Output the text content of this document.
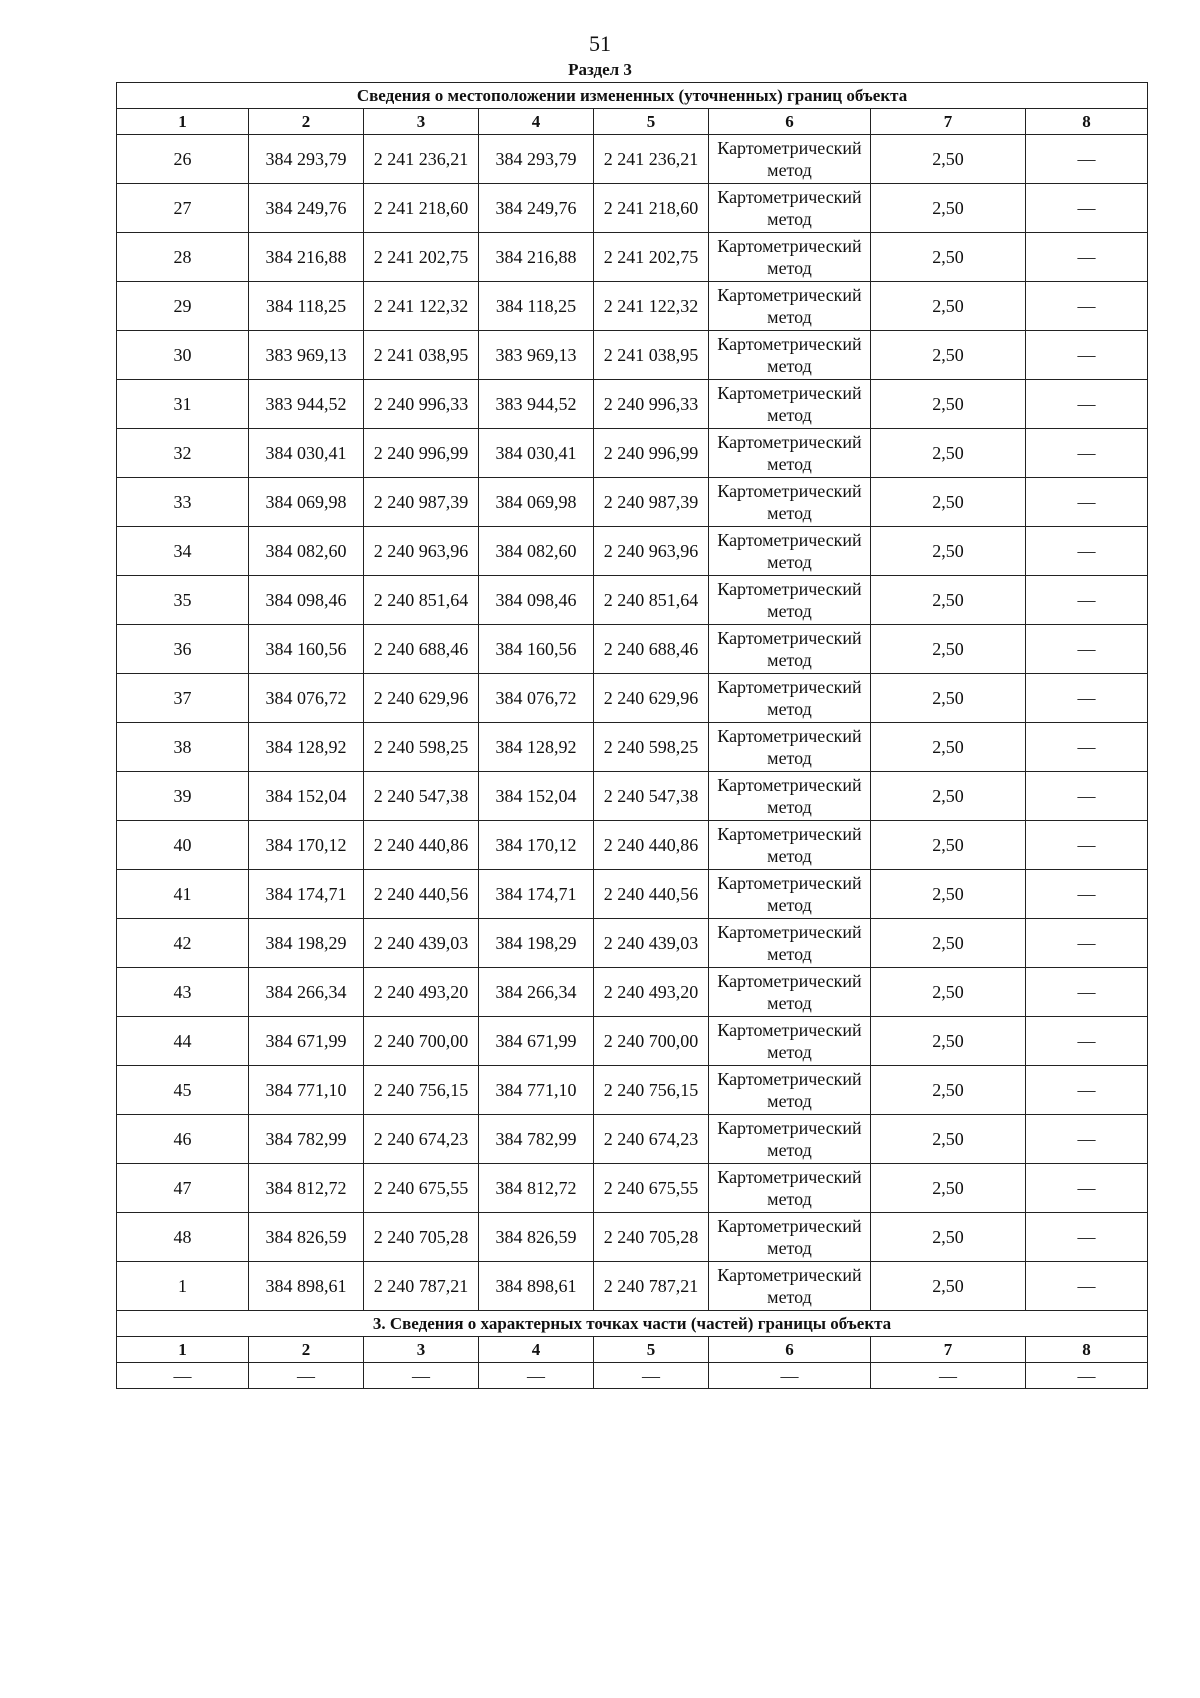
51
Раздел 3
Сведения о местоположении измененных (уточненных) границ объекта							
1	2	3	4	5	6	7	8
26	384 293,79	2 241 236,21	384 293,79	2 241 236,21	Картометрический метод	2,50	—
27	384 249,76	2 241 218,60	384 249,76	2 241 218,60	Картометрический метод	2,50	—
28	384 216,88	2 241 202,75	384 216,88	2 241 202,75	Картометрический метод	2,50	—
29	384 118,25	2 241 122,32	384 118,25	2 241 122,32	Картометрический метод	2,50	—
30	383 969,13	2 241 038,95	383 969,13	2 241 038,95	Картометрический метод	2,50	—
31	383 944,52	2 240 996,33	383 944,52	2 240 996,33	Картометрический метод	2,50	—
32	384 030,41	2 240 996,99	384 030,41	2 240 996,99	Картометрический метод	2,50	—
33	384 069,98	2 240 987,39	384 069,98	2 240 987,39	Картометрический метод	2,50	—
34	384 082,60	2 240 963,96	384 082,60	2 240 963,96	Картометрический метод	2,50	—
35	384 098,46	2 240 851,64	384 098,46	2 240 851,64	Картометрический метод	2,50	—
36	384 160,56	2 240 688,46	384 160,56	2 240 688,46	Картометрический метод	2,50	—
37	384 076,72	2 240 629,96	384 076,72	2 240 629,96	Картометрический метод	2,50	—
38	384 128,92	2 240 598,25	384 128,92	2 240 598,25	Картометрический метод	2,50	—
39	384 152,04	2 240 547,38	384 152,04	2 240 547,38	Картометрический метод	2,50	—
40	384 170,12	2 240 440,86	384 170,12	2 240 440,86	Картометрический метод	2,50	—
41	384 174,71	2 240 440,56	384 174,71	2 240 440,56	Картометрический метод	2,50	—
42	384 198,29	2 240 439,03	384 198,29	2 240 439,03	Картометрический метод	2,50	—
43	384 266,34	2 240 493,20	384 266,34	2 240 493,20	Картометрический метод	2,50	—
44	384 671,99	2 240 700,00	384 671,99	2 240 700,00	Картометрический метод	2,50	—
45	384 771,10	2 240 756,15	384 771,10	2 240 756,15	Картометрический метод	2,50	—
46	384 782,99	2 240 674,23	384 782,99	2 240 674,23	Картометрический метод	2,50	—
47	384 812,72	2 240 675,55	384 812,72	2 240 675,55	Картометрический метод	2,50	—
48	384 826,59	2 240 705,28	384 826,59	2 240 705,28	Картометрический метод	2,50	—
1	384 898,61	2 240 787,21	384 898,61	2 240 787,21	Картометрический метод	2,50	—
3. Сведения о характерных точках части (частей) границы объекта							
1	2	3	4	5	6	7	8
—	—	—	—	—	—	—	—
